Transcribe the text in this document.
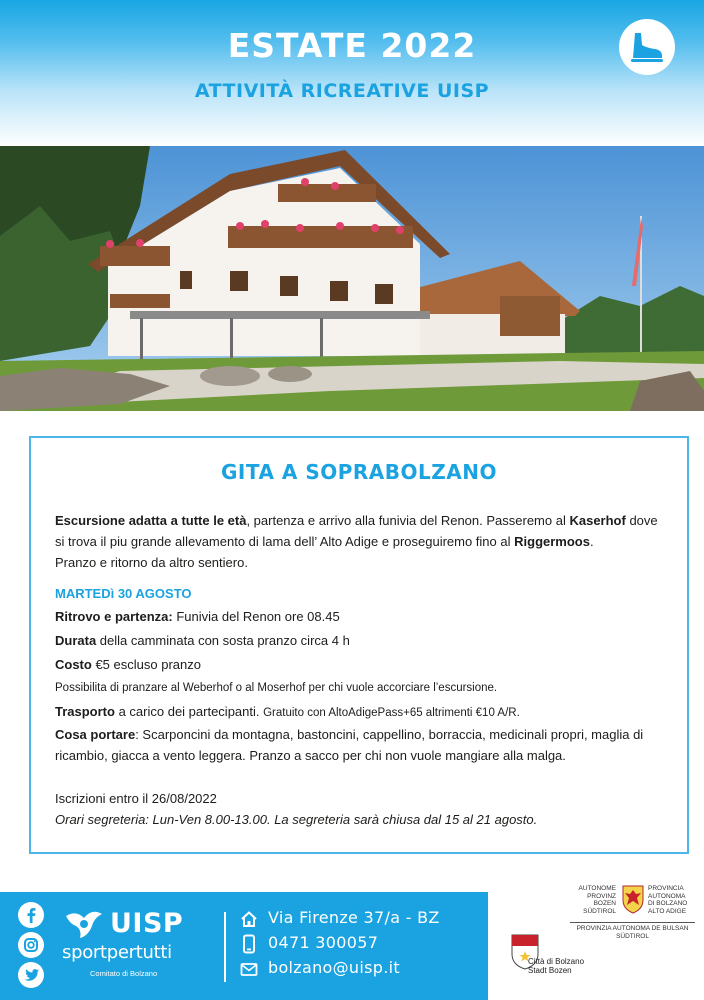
ESTATE 2022
ATTIVITÀ RICREATIVE UISP
GITA A SOPRABOLZANO
Escursione adatta a tutte le età, partenza e arrivo alla funivia del Renon. Passeremo al Kaserhof dove si trova il piu grande allevamento di lama dell’ Alto Adige e proseguiremo fino al Riggermoos.
Pranzo e ritorno da altro sentiero.
MARTEDì 30 AGOSTO
Ritrovo e partenza: Funivia del Renon ore 08.45
Durata della camminata con sosta pranzo circa 4 h
Costo €5 escluso pranzo
Possibilita di pranzare al Weberhof o al Moserhof per chi vuole accorciare l’escursione.
Trasporto a carico dei partecipanti. Gratuito con AltoAdigePass+65 altrimenti €10 A/R.
Cosa portare: Scarponcini da montagna, bastoncini, cappellino, borraccia, medicinali propri, maglia di
ricambio, giacca a vento leggera. Pranzo a sacco per chi non vuole mangiare alla malga.
Iscrizioni entro il 26/08/2022
Orari segreteria: Lun-Ven 8.00-13.00. La segreteria sarà chiusa dal 15 al 21 agosto.
UISP
sportpertutti
Comitato di Bolzano
Via Firenze 37/a - BZ
0471 300057
bolzano@uisp.it
AUTONOME
PROVINZ
BOZEN
SÜDTIROL
PROVINCIA
AUTONOMA
DI BOLZANO
ALTO ADIGE
PROVINZIA AUTONOMA DE BULSAN SÜDTIROL
Città di Bolzano
Stadt Bozen
